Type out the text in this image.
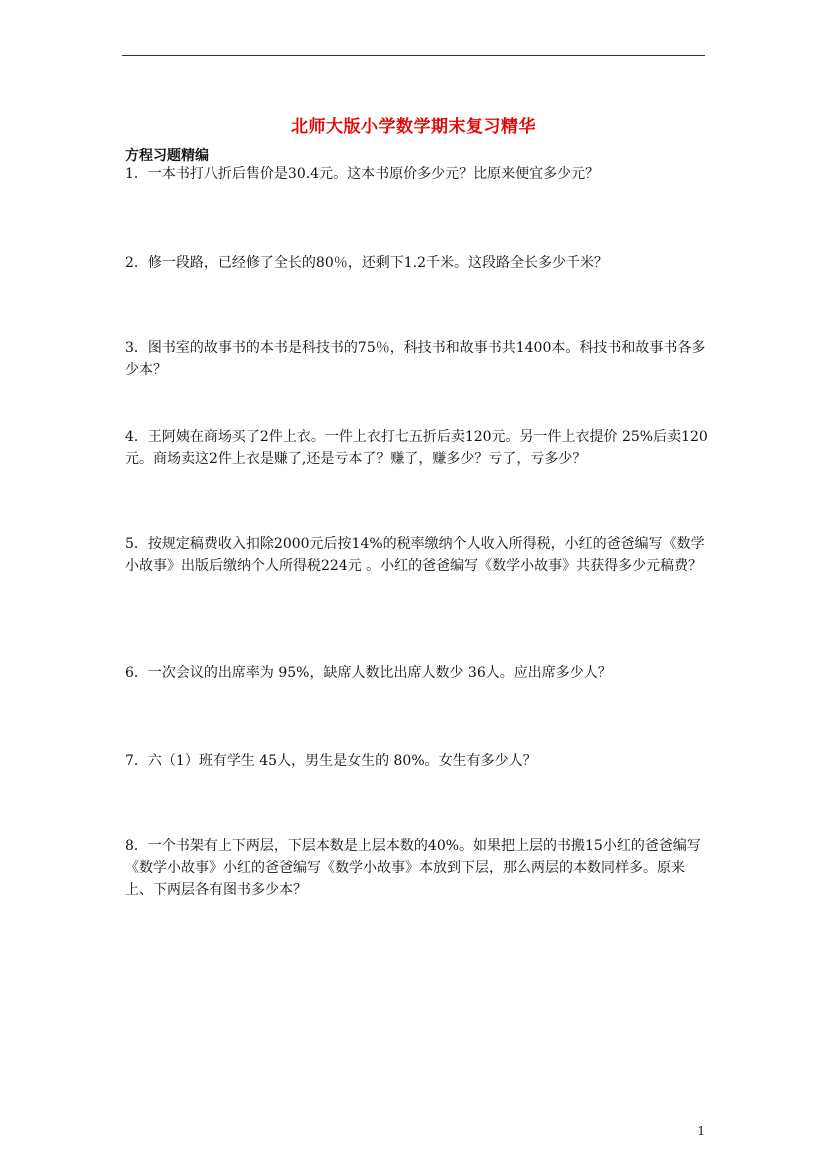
北师大版小学数学期末复习精华
方程习题精编

1．一本书打八折后售价是30.4元。这本书原价多少元？比原来便宜多少元？

2．修一段路，已经修了全长的80％，还剩下1.2千米。这段路全长多少千米？

3．图书室的故事书的本书是科技书的75％，科技书和故事书共1400本。科技书和故事书各多少本？

4．王阿姨在商场买了2件上衣。一件上衣打七五折后卖120元。另一件上衣提价 25%后卖120元。商场卖这2件上衣是赚了,还是亏本了？赚了，赚多少？亏了，亏多少？

5．按规定稿费收入扣除2000元后按14%的税率缴纳个人收入所得税，小红的爸爸编写《数学小故事》出版后缴纳个人所得税224元 。小红的爸爸编写《数学小故事》共获得多少元稿费？

6．一次会议的出席率为 95%，缺席人数比出席人数少 36人。应出席多少人？

7．六（1）班有学生 45人，男生是女生的 80%。女生有多少人？

8．一个书架有上下两层，下层本数是上层本数的40%。如果把上层的书搬15小红的爸爸编写《数学小故事》小红的爸爸编写《数学小故事》本放到下层，那么两层的本数同样多。原来上、下两层各有图书多少本？

1
